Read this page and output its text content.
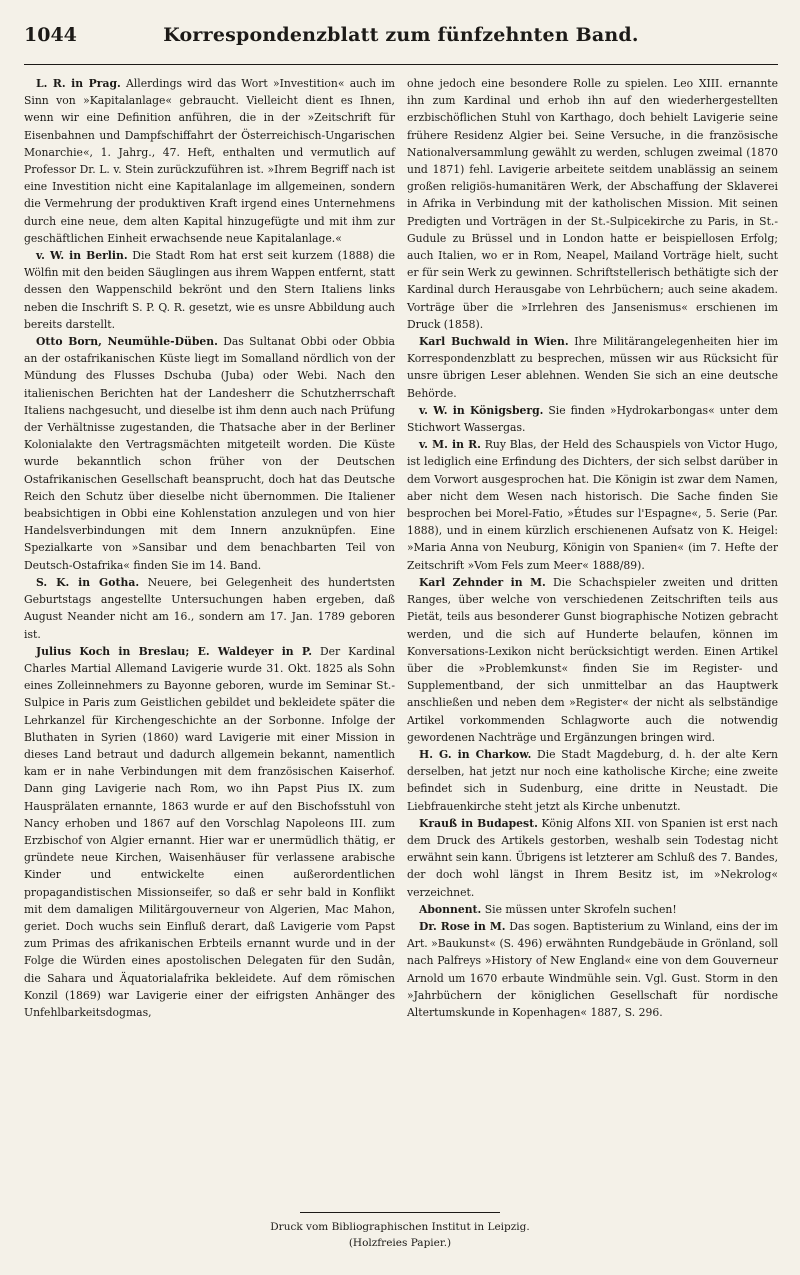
1044	Korrespondenzblatt zum fünfzehnten Band.

L. R. in Prag. Allerdings wird das Wort »Investition« auch im Sinn von »Kapitalanlage« gebraucht. Vielleicht dient es Ihnen, wenn wir eine Definition anführen, die in der »Zeitschrift für Eisenbahnen und Dampfschiffahrt der Österreichisch-Ungarischen Monarchie«, 1. Jahrg., 47. Heft, enthalten und vermutlich auf Professor Dr. L. v. Stein zurückzuführen ist. »Ihrem Begriff nach ist eine Investition nicht eine Kapitalanlage im allgemeinen, sondern die Vermehrung der produktiven Kraft irgend eines Unternehmens durch eine neue, dem alten Kapital hinzugefügte und mit ihm zur geschäftlichen Einheit erwachsende neue Kapitalanlage.«

v. W. in Berlin. Die Stadt Rom hat erst seit kurzem (1888) die Wölfin mit den beiden Säuglingen aus ihrem Wappen entfernt, statt dessen den Wappenschild bekrönt und den Stern Italiens links neben die Inschrift S. P. Q. R. gesetzt, wie es unsre Abbildung auch bereits darstellt.

Otto Born, Neumühle-Düben. Das Sultanat Obbi oder Obbia an der ostafrikanischen Küste liegt im Somalland nördlich von der Mündung des Flusses Dschuba (Juba) oder Webi. Nach den italienischen Berichten hat der Landesherr die Schutzherrschaft Italiens nachgesucht, und dieselbe ist ihm denn auch nach Prüfung der Verhältnisse zugestanden, die Thatsache aber in der Berliner Kolonialakte den Vertragsmächten mitgeteilt worden. Die Küste wurde bekanntlich schon früher von der Deutschen Ostafrikanischen Gesellschaft beansprucht, doch hat das Deutsche Reich den Schutz über dieselbe nicht übernommen. Die Italiener beabsichtigen in Obbi eine Kohlenstation anzulegen und von hier Handelsverbindungen mit dem Innern anzuknüpfen. Eine Spezialkarte von »Sansibar und dem benachbarten Teil von Deutsch-Ostafrika« finden Sie im 14. Band.

S. K. in Gotha. Neuere, bei Gelegenheit des hundertsten Geburtstags angestellte Untersuchungen haben ergeben, daß August Neander nicht am 16., sondern am 17. Jan. 1789 geboren ist.

Julius Koch in Breslau; E. Waldeyer in P. Der Kardinal Charles Martial Allemand Lavigerie wurde 31. Okt. 1825 als Sohn eines Zolleinnehmers zu Bayonne geboren, wurde im Seminar St.-Sulpice in Paris zum Geistlichen gebildet und bekleidete später die Lehrkanzel für Kirchengeschichte an der Sorbonne. Infolge der Bluthaten in Syrien (1860) ward Lavigerie mit einer Mission in dieses Land betraut und dadurch allgemein bekannt, namentlich kam er in nahe Verbindungen mit dem französischen Kaiserhof. Dann ging Lavigerie nach Rom, wo ihn Papst Pius IX. zum Hausprälaten ernannte, 1863 wurde er auf den Bischofsstuhl von Nancy erhoben und 1867 auf den Vorschlag Napoleons III. zum Erzbischof von Algier ernannt. Hier war er unermüdlich thätig, er gründete neue Kirchen, Waisenhäuser für verlassene arabische Kinder und entwickelte einen außerordentlichen propagandistischen Missionseifer, so daß er sehr bald in Konflikt mit dem damaligen Militärgouverneur von Algerien, Mac Mahon, geriet. Doch wuchs sein Einfluß derart, daß Lavigerie vom Papst zum Primas des afrikanischen Erbteils ernannt wurde und in der Folge die Würden eines apostolischen Delegaten für den Sudân, die Sahara und Äquatorialafrika bekleidete. Auf dem römischen Konzil (1869) war Lavigerie einer der eifrigsten Anhänger des Unfehlbarkeitsdogmas,

ohne jedoch eine besondere Rolle zu spielen. Leo XIII. ernannte ihn zum Kardinal und erhob ihn auf den wiederhergestellten erzbischöflichen Stuhl von Karthago, doch behielt Lavigerie seine frühere Residenz Algier bei. Seine Versuche, in die französische Nationalversammlung gewählt zu werden, schlugen zweimal (1870 und 1871) fehl. Lavigerie arbeitete seitdem unablässig an seinem großen religiös-humanitären Werk, der Abschaffung der Sklaverei in Afrika in Verbindung mit der katholischen Mission. Mit seinen Predigten und Vorträgen in der St.-Sulpicekirche zu Paris, in St.-Gudule zu Brüssel und in London hatte er beispiellosen Erfolg; auch Italien, wo er in Rom, Neapel, Mailand Vorträge hielt, sucht er für sein Werk zu gewinnen. Schriftstellerisch bethätigte sich der Kardinal durch Herausgabe von Lehrbüchern; auch seine akadem. Vorträge über die »Irrlehren des Jansenismus« erschienen im Druck (1858).

Karl Buchwald in Wien. Ihre Militärangelegenheiten hier im Korrespondenzblatt zu besprechen, müssen wir aus Rücksicht für unsre übrigen Leser ablehnen. Wenden Sie sich an eine deutsche Behörde.

v. W. in Königsberg. Sie finden »Hydrokarbongas« unter dem Stichwort Wassergas.

v. M. in R. Ruy Blas, der Held des Schauspiels von Victor Hugo, ist lediglich eine Erfindung des Dichters, der sich selbst darüber in dem Vorwort ausgesprochen hat. Die Königin ist zwar dem Namen, aber nicht dem Wesen nach historisch. Die Sache finden Sie besprochen bei Morel-Fatio, »Études sur l'Espagne«, 5. Serie (Par. 1888), und in einem kürzlich erschienenen Aufsatz von K. Heigel: »Maria Anna von Neuburg, Königin von Spanien« (im 7. Hefte der Zeitschrift »Vom Fels zum Meer« 1888/89).

Karl Zehnder in M. Die Schachspieler zweiten und dritten Ranges, über welche von verschiedenen Zeitschriften teils aus Pietät, teils aus besonderer Gunst biographische Notizen gebracht werden, und die sich auf Hunderte belaufen, können im Konversations-Lexikon nicht berücksichtigt werden. Einen Artikel über die »Problemkunst« finden Sie im Register- und Supplementband, der sich unmittelbar an das Hauptwerk anschließen und neben dem »Register« der nicht als selbständige Artikel vorkommenden Schlagworte auch die notwendig gewordenen Nachträge und Ergänzungen bringen wird.

H. G. in Charkow. Die Stadt Magdeburg, d. h. der alte Kern derselben, hat jetzt nur noch eine katholische Kirche; eine zweite befindet sich in Sudenburg, eine dritte in Neustadt. Die Liebfrauenkirche steht jetzt als Kirche unbenutzt.

Krauß in Budapest. König Alfons XII. von Spanien ist erst nach dem Druck des Artikels gestorben, weshalb sein Todestag nicht erwähnt sein kann. Übrigens ist letzterer am Schluß des 7. Bandes, der doch wohl längst in Ihrem Besitz ist, im »Nekrolog« verzeichnet.

Abonnent. Sie müssen unter Skrofeln suchen!

Dr. Rose in M. Das sogen. Baptisterium zu Winland, eins der im Art. »Baukunst« (S. 496) erwähnten Rundgebäude in Grönland, soll nach Palfreys »History of New England« eine von dem Gouverneur Arnold um 1670 erbaute Windmühle sein. Vgl. Gust. Storm in den »Jahrbüchern der königlichen Gesellschaft für nordische Altertumskunde in Kopenhagen« 1887, S. 296.

Druck vom Bibliographischen Institut in Leipzig.
(Holzfreies Papier.)
